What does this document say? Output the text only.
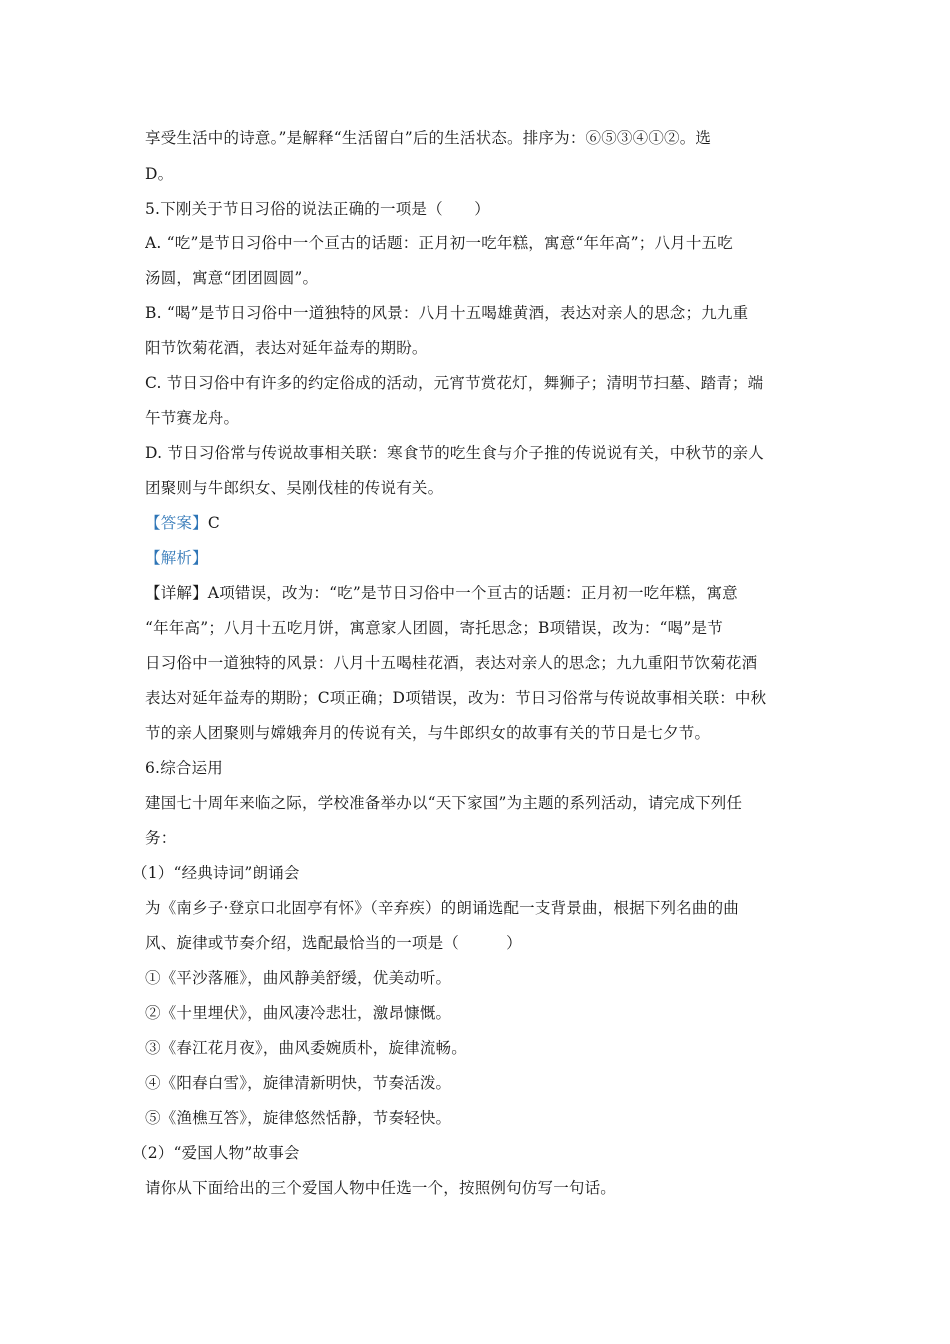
享受生活中的诗意。”是解释“生活留白”后的生活状态。排序为：⑥⑤③④①②。选
D。
5.下刚关于节日习俗的说法正确的一项是（　　）
A. “吃”是节日习俗中一个亘古的话题：正月初一吃年糕，寓意“年年高”；八月十五吃
汤圆，寓意“团团圆圆”。
B. “喝”是节日习俗中一道独特的风景：八月十五喝雄黄酒，表达对亲人的思念；九九重
阳节饮菊花酒，表达对延年益寿的期盼。
C. 节日习俗中有许多的约定俗成的活动，元宵节赏花灯，舞狮子；清明节扫墓、踏青；端
午节赛龙舟。
D. 节日习俗常与传说故事相关联：寒食节的吃生食与介子推的传说说有关，中秋节的亲人
团聚则与牛郎织女、吴刚伐桂的传说有关。
【答案】C
【解析】
【详解】A项错误，改为：“吃”是节日习俗中一个亘古的话题：正月初一吃年糕，寓意
“年年高”；八月十五吃月饼，寓意家人团圆，寄托思念；B项错误，改为：“喝”是节
日习俗中一道独特的风景：八月十五喝桂花酒，表达对亲人的思念；九九重阳节饮菊花酒
表达对延年益寿的期盼；C项正确；D项错误，改为：节日习俗常与传说故事相关联：中秋
节的亲人团聚则与嫦娥奔月的传说有关，与牛郎织女的故事有关的节日是七夕节。
6.综合运用
建国七十周年来临之际，学校准备举办以“天下家国”为主题的系列活动，请完成下列任
务：
（1）“经典诗词”朗诵会
为《南乡子·登京口北固亭有怀》（辛弃疾）的朗诵选配一支背景曲，根据下列名曲的曲
风、旋律或节奏介绍，选配最恰当的一项是（　　　）
①《平沙落雁》，曲风静美舒缓，优美动听。
②《十里埋伏》，曲风凄冷悲壮，激昂慷慨。
③《春江花月夜》，曲风委婉质朴，旋律流畅。
④《阳春白雪》，旋律清新明快，节奏活泼。
⑤《渔樵互答》，旋律悠然恬静，节奏轻快。
（2）“爱国人物”故事会
请你从下面给出的三个爱国人物中任选一个，按照例句仿写一句话。
